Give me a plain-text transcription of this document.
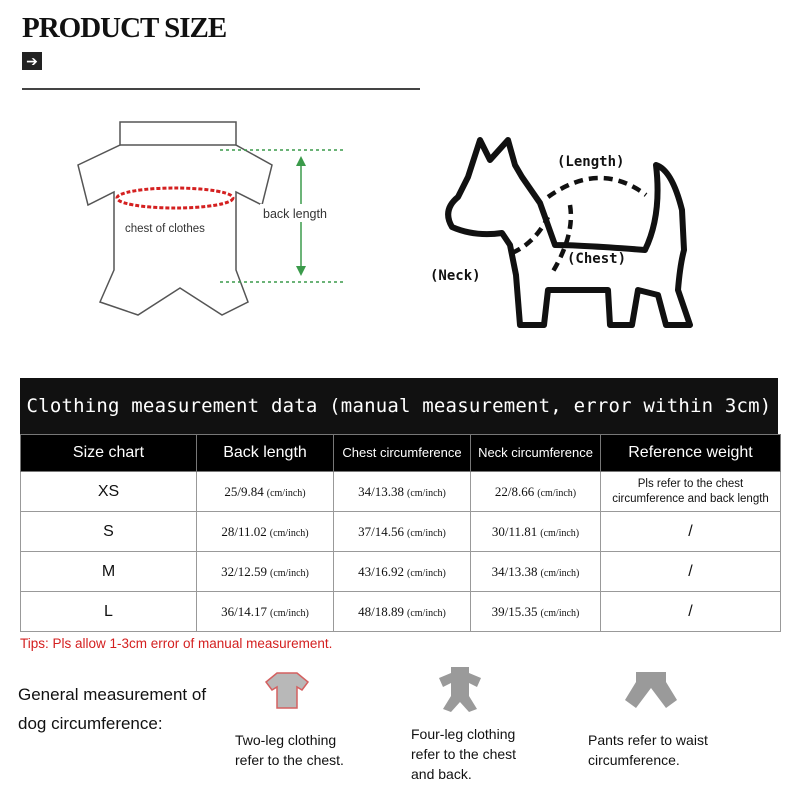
PRODUCT SIZE
➔
back length
chest of clothes
(Length)
(Chest)
(Neck)
Clothing measurement data (manual measurement, error within 3cm)
Size chart	Back length	Chest circumference	Neck circumference	Reference weight
XS	25/9.84 (cm/inch)	34/13.38 (cm/inch)	22/8.66 (cm/inch)	Pls refer to the chest circumference and back length
S	28/11.02 (cm/inch)	37/14.56 (cm/inch)	30/11.81 (cm/inch)	/
M	32/12.59 (cm/inch)	43/16.92 (cm/inch)	34/13.38 (cm/inch)	/
L	36/14.17 (cm/inch)	48/18.89 (cm/inch)	39/15.35 (cm/inch)	/
Tips: Pls allow 1-3cm error of manual measurement.
General measurement of
dog circumference:
Two-leg clothing
refer to the chest.
Four-leg clothing
refer to the chest
and back.
Pants refer to waist
circumference.
